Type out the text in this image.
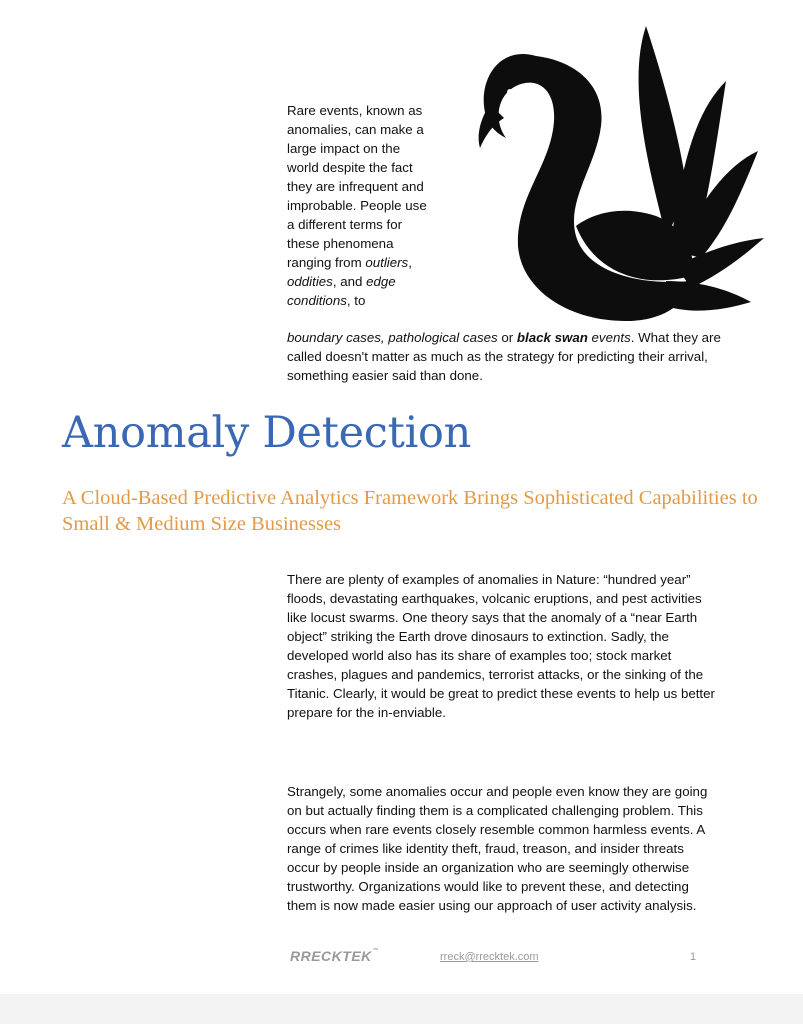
Rare events, known as anomalies, can make a large impact on the world despite the fact they are infrequent and improbable. People use a different terms for these phenomena ranging from outliers, oddities, and edge conditions, to
boundary cases, pathological cases or black swan events. What they are called doesn't matter as much as the strategy for predicting their arrival, something easier said than done.
Anomaly Detection
A Cloud-Based Predictive Analytics Framework Brings Sophisticated Capabilities to Small & Medium Size Businesses
There are plenty of examples of anomalies in Nature: “hundred year” floods, devastating earthquakes, volcanic eruptions, and pest activities like locust swarms. One theory says that the anomaly of a “near Earth object” striking the Earth drove dinosaurs to extinction. Sadly, the developed world also has its share of examples too; stock market crashes, plagues and pandemics, terrorist attacks, or the sinking of the Titanic. Clearly, it would be great to predict these events to help us better prepare for the in-enviable.
Strangely, some anomalies occur and people even know they are going on but actually finding them is a complicated challenging problem. This occurs when rare events closely resemble common harmless events. A range of crimes like identity theft, fraud, treason, and insider threats occur by people inside an organization who are seemingly otherwise trustworthy. Organizations would like to prevent these, and detecting them is now made easier using our approach of user activity analysis.
RRECKTEK™	rreck@rrecktek.com	1
